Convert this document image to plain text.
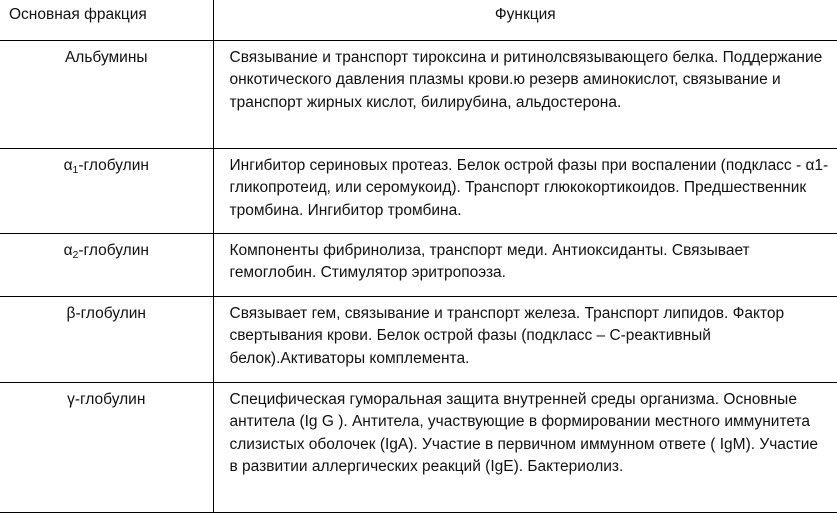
Основная фракция	Функция
Альбумины	Связывание и транспорт тироксина и ритинолсвязывающего белка. Поддержание онкотического давления плазмы крови.ю резерв аминокислот, связывание и транспорт жирных кислот, билирубина, альдостерона.
$\alpha_1$-глобулин	Ингибитор сериновых протеаз. Белок острой фазы при воспалении (подкласс - α1-гликопротеид, или серомукоид). Транспорт глюкокортикоидов. Предшественник тромбина. Ингибитор тромбина.
$\alpha_2$-глобулин	Компоненты фибринолиза, транспорт меди. Антиоксиданты. Связывает гемоглобин. Стимулятор эритропоэза.
β-глобулин	Связывает гем, связывание и транспорт железа. Транспорт липидов. Фактор свертывания крови. Белок острой фазы (подкласс – С-реактивный белок).Активаторы комплемента.
γ-глобулин	Специфическая гуморальная защита внутренней среды организма. Основные антитела (Ig G ). Антитела, участвующие в формировании местного иммунитета слизистых оболочек (IgA). Участие в первичном иммунном ответе ( IgM). Участие в развитии аллергических реакций (IgE). Бактериолиз.
